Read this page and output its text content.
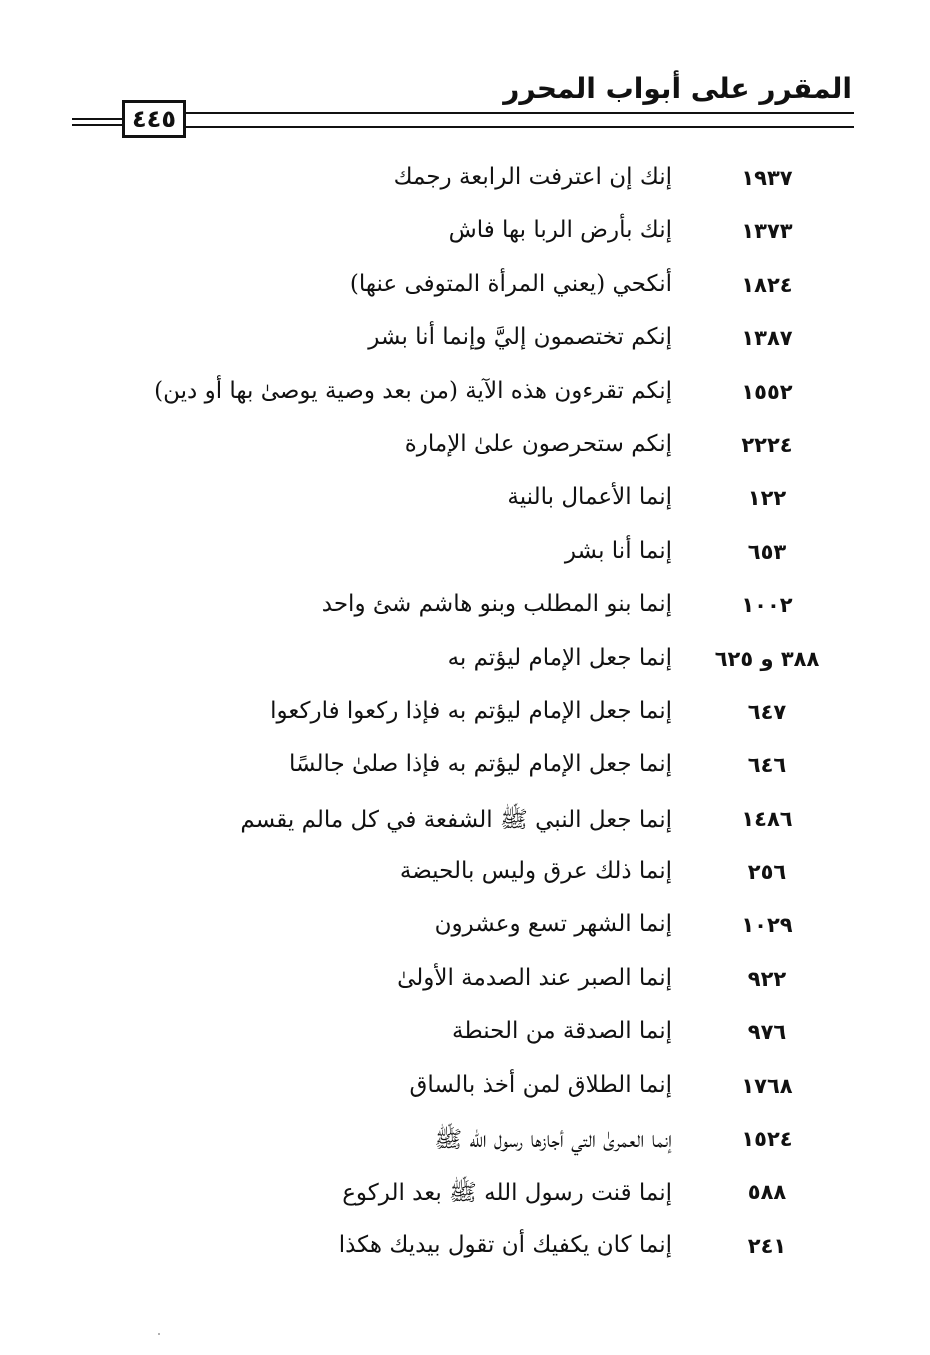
المقرر على أبواب المحرر
٤٤٥
١٩٣٧
إنك إن اعترفت الرابعة رجمك
١٣٧٣
إنك بأرض الربا بها فاش
١٨٢٤
أنكحي (يعني المرأة المتوفى عنها)
١٣٨٧
إنكم تختصمون إليَّ وإنما أنا بشر
١٥٥٢
إنكم تقرءون هذه الآية (من بعد وصية يوصىٰ بها أو دين)
٢٢٢٤
إنكم ستحرصون علىٰ الإمارة
١٢٢
إنما الأعمال بالنية
٦٥٣
إنما أنا بشر
١٠٠٢
إنما بنو المطلب وبنو هاشم شئ واحد
٣٨٨ و ٦٢٥
إنما جعل الإمام ليؤتم به
٦٤٧
إنما جعل الإمام ليؤتم به فإذا ركعوا فاركعوا
٦٤٦
إنما جعل الإمام ليؤتم به فإذا صلىٰ جالسًا
١٤٨٦
إنما جعل النبي ﷺ الشفعة في كل مالم يقسم
٢٥٦
إنما ذلك عرق وليس بالحيضة
١٠٢٩
إنما الشهر تسع وعشرون
٩٢٢
إنما الصبر عند الصدمة الأولىٰ
٩٧٦
إنما الصدقة من الحنطة
١٧٦٨
إنما الطلاق لمن أخذ بالساق
١٥٢٤
إنما العمرىٰ التي أجازها رسول الله ﷺ
٥٨٨
إنما قنت رسول الله ﷺ بعد الركوع
٢٤١
إنما كان يكفيك أن تقول بيديك هكذا
